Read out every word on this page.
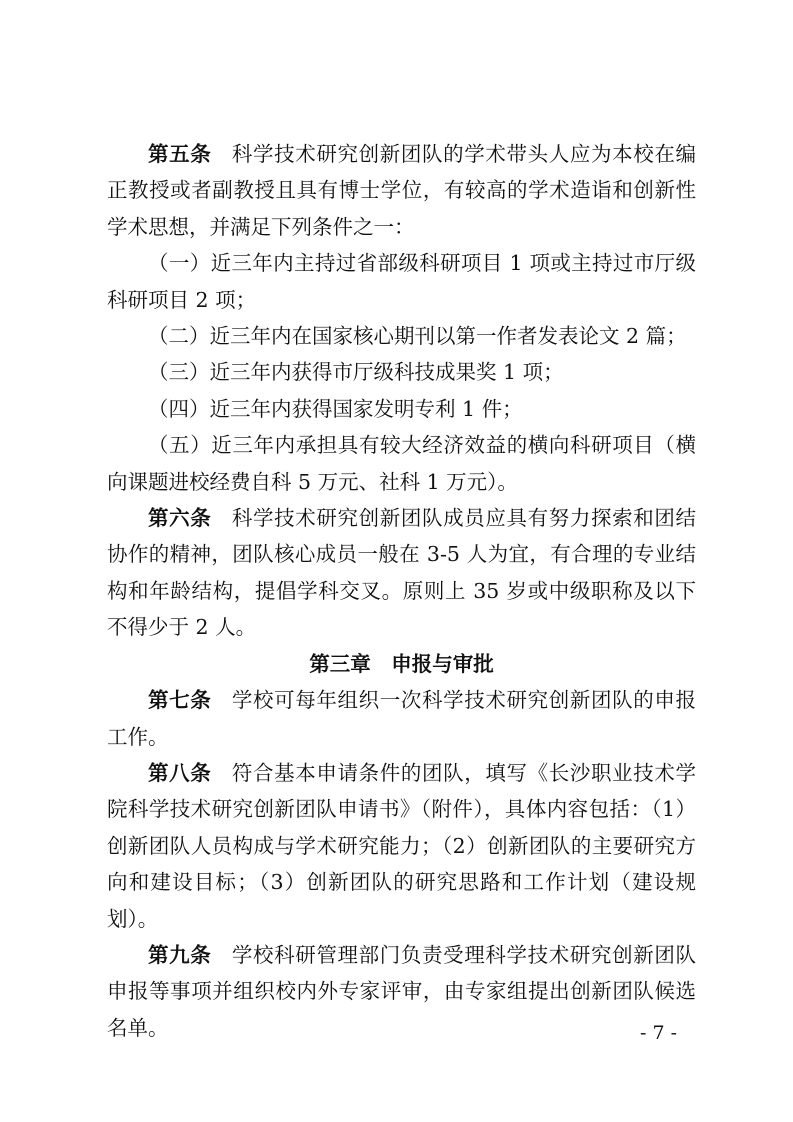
第五条 科学技术研究创新团队的学术带头人应为本校在编正教授或者副教授且具有博士学位，有较高的学术造诣和创新性学术思想，并满足下列条件之一：

（一）近三年内主持过省部级科研项目 1 项或主持过市厅级科研项目 2 项；

（二）近三年内在国家核心期刊以第一作者发表论文 2 篇；

（三）近三年内获得市厅级科技成果奖 1 项；

（四）近三年内获得国家发明专利 1 件；

（五）近三年内承担具有较大经济效益的横向科研项目（横向课题进校经费自科 5 万元、社科 1 万元）。

第六条 科学技术研究创新团队成员应具有努力探索和团结协作的精神，团队核心成员一般在 3-5 人为宜，有合理的专业结构和年龄结构，提倡学科交叉。原则上 35 岁或中级职称及以下不得少于 2 人。

第三章 申报与审批

第七条 学校可每年组织一次科学技术研究创新团队的申报工作。

第八条 符合基本申请条件的团队，填写《长沙职业技术学院科学技术研究创新团队申请书》（附件），具体内容包括：（1）创新团队人员构成与学术研究能力；（2）创新团队的主要研究方向和建设目标；（3）创新团队的研究思路和工作计划（建设规划）。

第九条 学校科研管理部门负责受理科学技术研究创新团队申报等事项并组织校内外专家评审，由专家组提出创新团队候选名单。	- 7 -
